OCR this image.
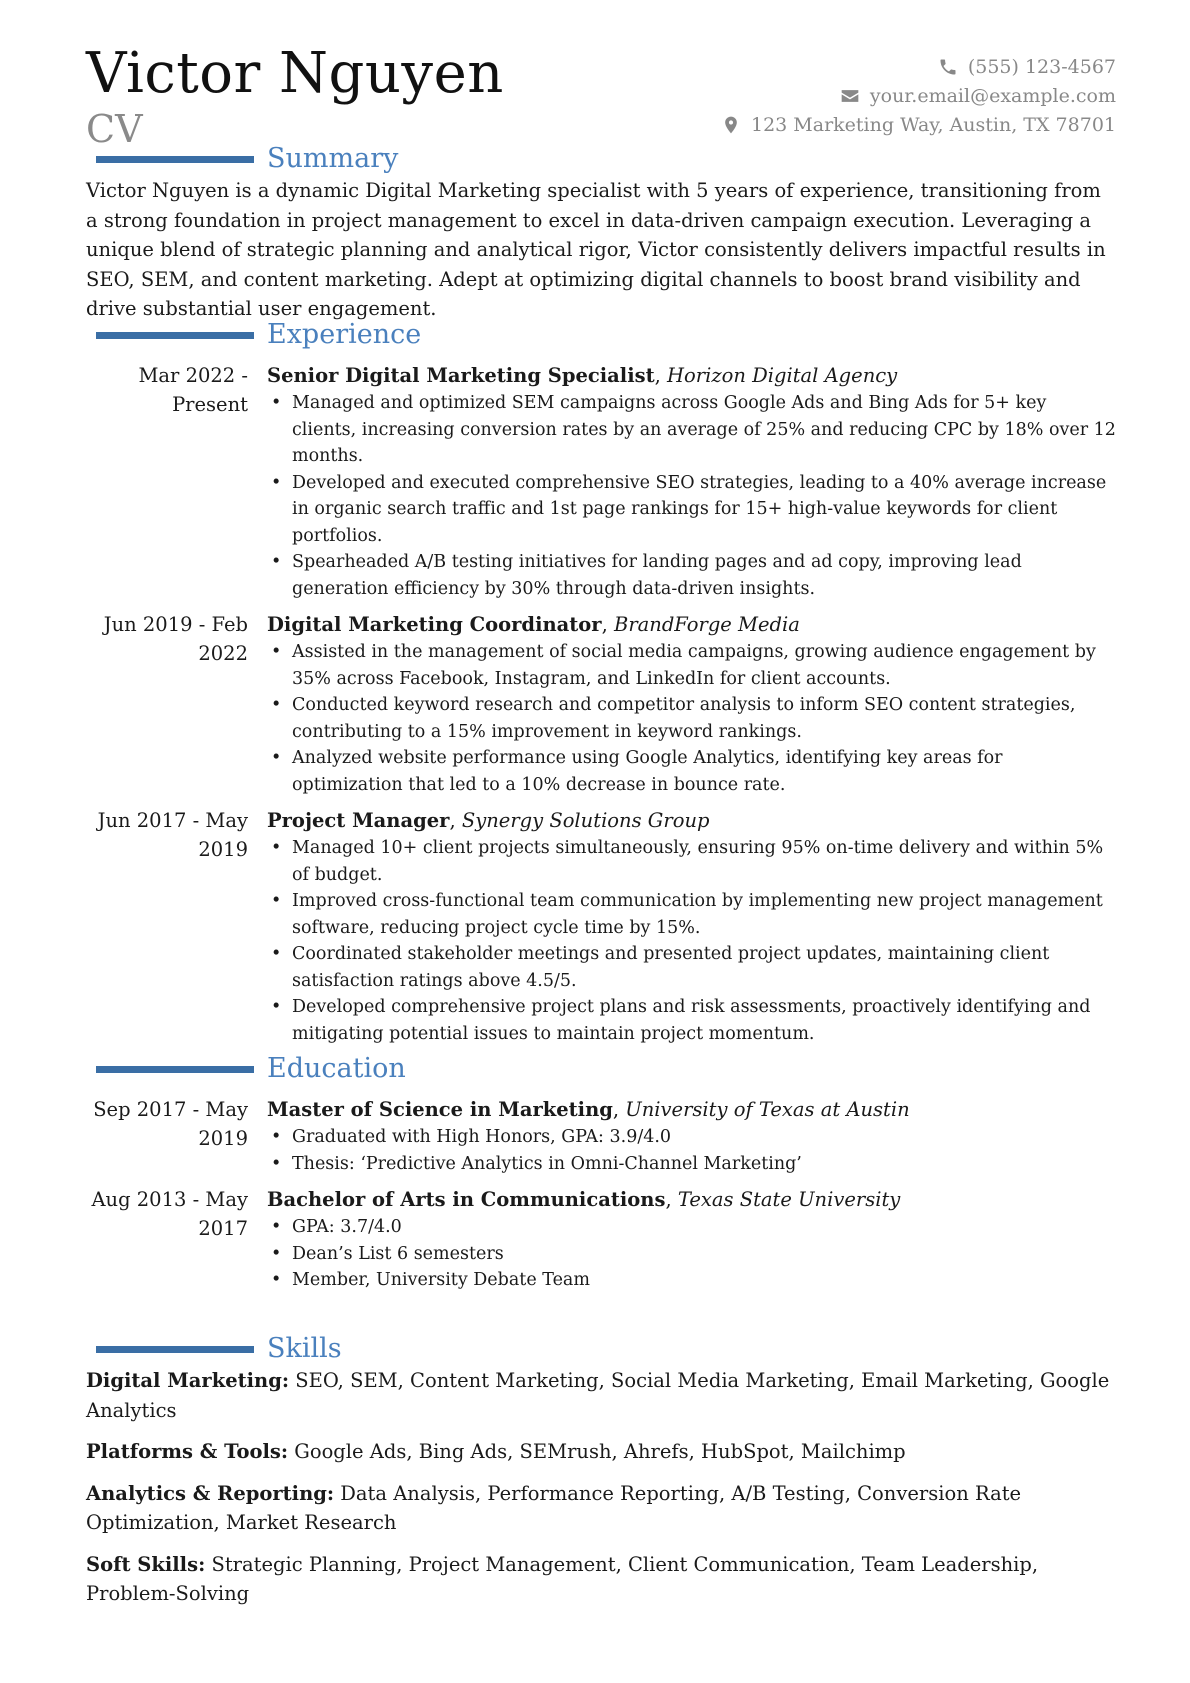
Victor Nguyen
CV
(555) 123-4567
your.email@example.com
123 Marketing Way, Austin, TX 78701
Summary

Victor Nguyen is a dynamic Digital Marketing specialist with 5 years of experience, transitioning from a strong foundation in project management to excel in data-driven campaign execution. Leveraging a unique blend of strategic planning and analytical rigor, Victor consistently delivers impactful results in SEO, SEM, and content marketing. Adept at optimizing digital channels to boost brand visibility and drive substantial user engagement.

Experience
Mar 2022 - Present
Senior Digital Marketing Specialist, Horizon Digital Agency
• Managed and optimized SEM campaigns across Google Ads and Bing Ads for 5+ key clients, increasing conversion rates by an average of 25% and reducing CPC by 18% over 12 months.
• Developed and executed comprehensive SEO strategies, leading to a 40% average increase in organic search traffic and 1st page rankings for 15+ high-value keywords for client portfolios.
• Spearheaded A/B testing initiatives for landing pages and ad copy, improving lead generation efficiency by 30% through data-driven insights.
Jun 2019 - Feb 2022
Digital Marketing Coordinator, BrandForge Media
• Assisted in the management of social media campaigns, growing audience engagement by 35% across Facebook, Instagram, and LinkedIn for client accounts.
• Conducted keyword research and competitor analysis to inform SEO content strategies, contributing to a 15% improvement in keyword rankings.
• Analyzed website performance using Google Analytics, identifying key areas for optimization that led to a 10% decrease in bounce rate.
Jun 2017 - May 2019
Project Manager, Synergy Solutions Group
• Managed 10+ client projects simultaneously, ensuring 95% on-time delivery and within 5% of budget.
• Improved cross-functional team communication by implementing new project management software, reducing project cycle time by 15%.
• Coordinated stakeholder meetings and presented project updates, maintaining client satisfaction ratings above 4.5/5.
• Developed comprehensive project plans and risk assessments, proactively identifying and mitigating potential issues to maintain project momentum.
Education
Sep 2017 - May 2019
Master of Science in Marketing, University of Texas at Austin
• Graduated with High Honors, GPA: 3.9/4.0
• Thesis: ‘Predictive Analytics in Omni-Channel Marketing’
Aug 2013 - May 2017
Bachelor of Arts in Communications, Texas State University
• GPA: 3.7/4.0
• Dean’s List 6 semesters
• Member, University Debate Team
Skills

Digital Marketing: SEO, SEM, Content Marketing, Social Media Marketing, Email Marketing, Google Analytics

Platforms & Tools: Google Ads, Bing Ads, SEMrush, Ahrefs, HubSpot, Mailchimp

Analytics & Reporting: Data Analysis, Performance Reporting, A/B Testing, Conversion Rate Optimization, Market Research

Soft Skills: Strategic Planning, Project Management, Client Communication, Team Leadership, Problem-Solving
